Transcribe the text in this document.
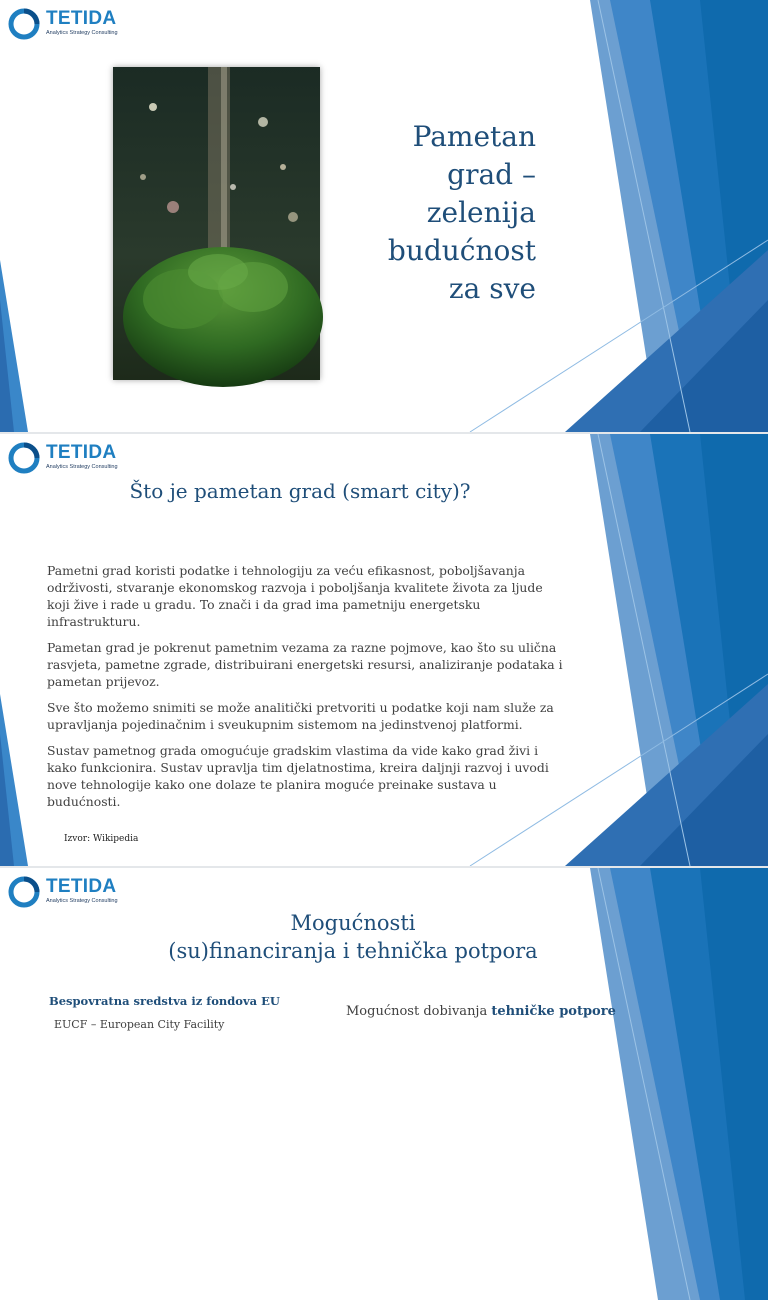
TETIDA
Analytics Strategy Consulting
Pametan
grad –
zelenija
budućnost
za sve
TETIDA
Analytics Strategy Consulting
Što je pametan grad (smart city)?

Pametni grad koristi podatke i tehnologiju za veću efikasnost, poboljšavanja održivosti, stvaranje ekonomskog razvoja i poboljšanja kvalitete života za ljude koji žive i rade u gradu. To znači i da grad ima pametniju energetsku infrastrukturu.

Pametan grad je pokrenut pametnim vezama za razne pojmove, kao što su ulična rasvjeta, pametne zgrade, distribuirani energetski resursi, analiziranje podataka i pametan prijevoz.

Sve što možemo snimiti se može analitički pretvoriti u podatke koji nam služe za upravljanja pojedinačnim i sveukupnim sistemom na jedinstvenoj platformi.

Sustav pametnog grada omogućuje gradskim vlastima da vide kako grad živi i kako funkcionira. Sustav upravlja tim djelatnostima, kreira daljnji razvoj i uvodi nove tehnologije kako one dolaze te planira moguće preinake sustava u budućnosti.

Izvor: Wikipedia
TETIDA
Analytics Strategy Consulting
Mogućnosti
(su)financiranja i tehnička potpora
Bespovratna sredstva iz fondova EU
EUCF – European City Facility
Mogućnost dobivanja tehničke potpore
